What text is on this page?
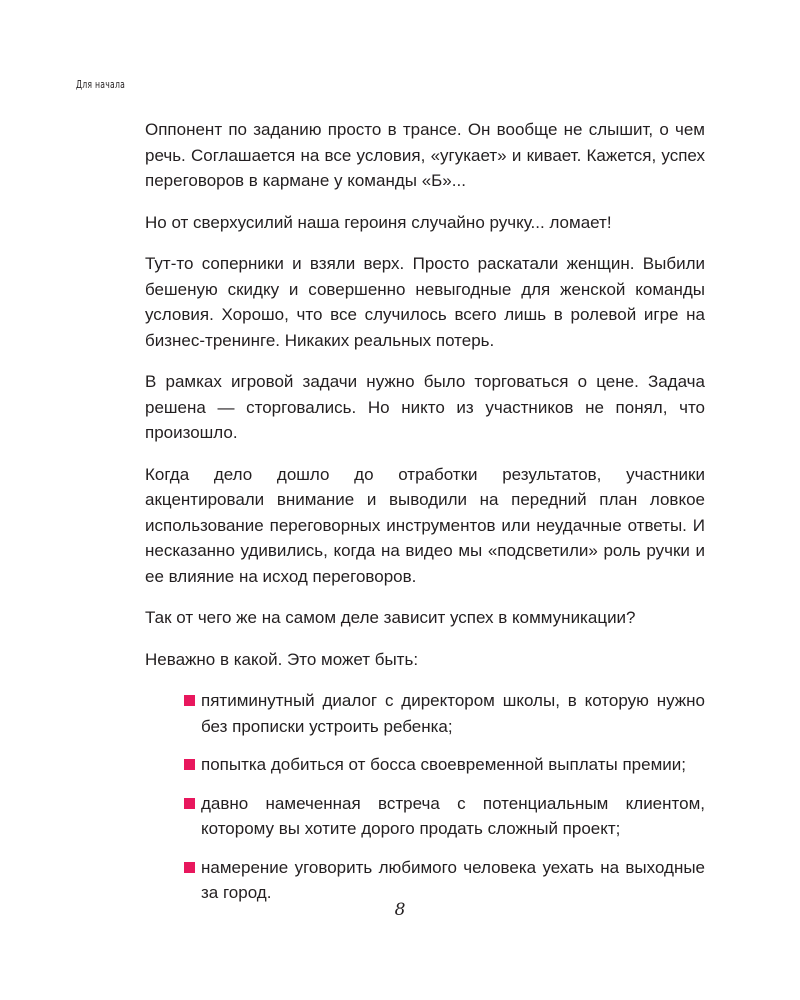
Для начала

Оппонент по заданию просто в трансе. Он вообще не слышит, о чем речь. Соглашается на все условия, «угукает» и кивает. Кажется, успех переговоров в кармане у команды «Б»...

Но от сверхусилий наша героиня случайно ручку... ломает!

Тут-то соперники и взяли верх. Просто раскатали женщин. Выбили бешеную скидку и совершенно невыгодные для женской команды условия. Хорошо, что все случилось всего лишь в ролевой игре на бизнес-тренинге. Никаких реальных потерь.

В рамках игровой задачи нужно было торговаться о цене. Задача решена — сторговались. Но никто из участников не понял, что произошло.

Когда дело дошло до отработки результатов, участники акцентировали внимание и выводили на передний план ловкое использование переговорных инструментов или неудачные ответы. И несказанно удивились, когда на видео мы «подсветили» роль ручки и ее влияние на исход переговоров.

Так от чего же на самом деле зависит успех в коммуникации?

Неважно в какой. Это может быть:

пятиминутный диалог с директором школы, в которую нужно без прописки устроить ребенка;
попытка добиться от босса своевременной выплаты премии;
давно намеченная встреча с потенциальным клиентом, которому вы хотите дорого продать сложный проект;
намерение уговорить любимого человека уехать на выходные за город.
8
